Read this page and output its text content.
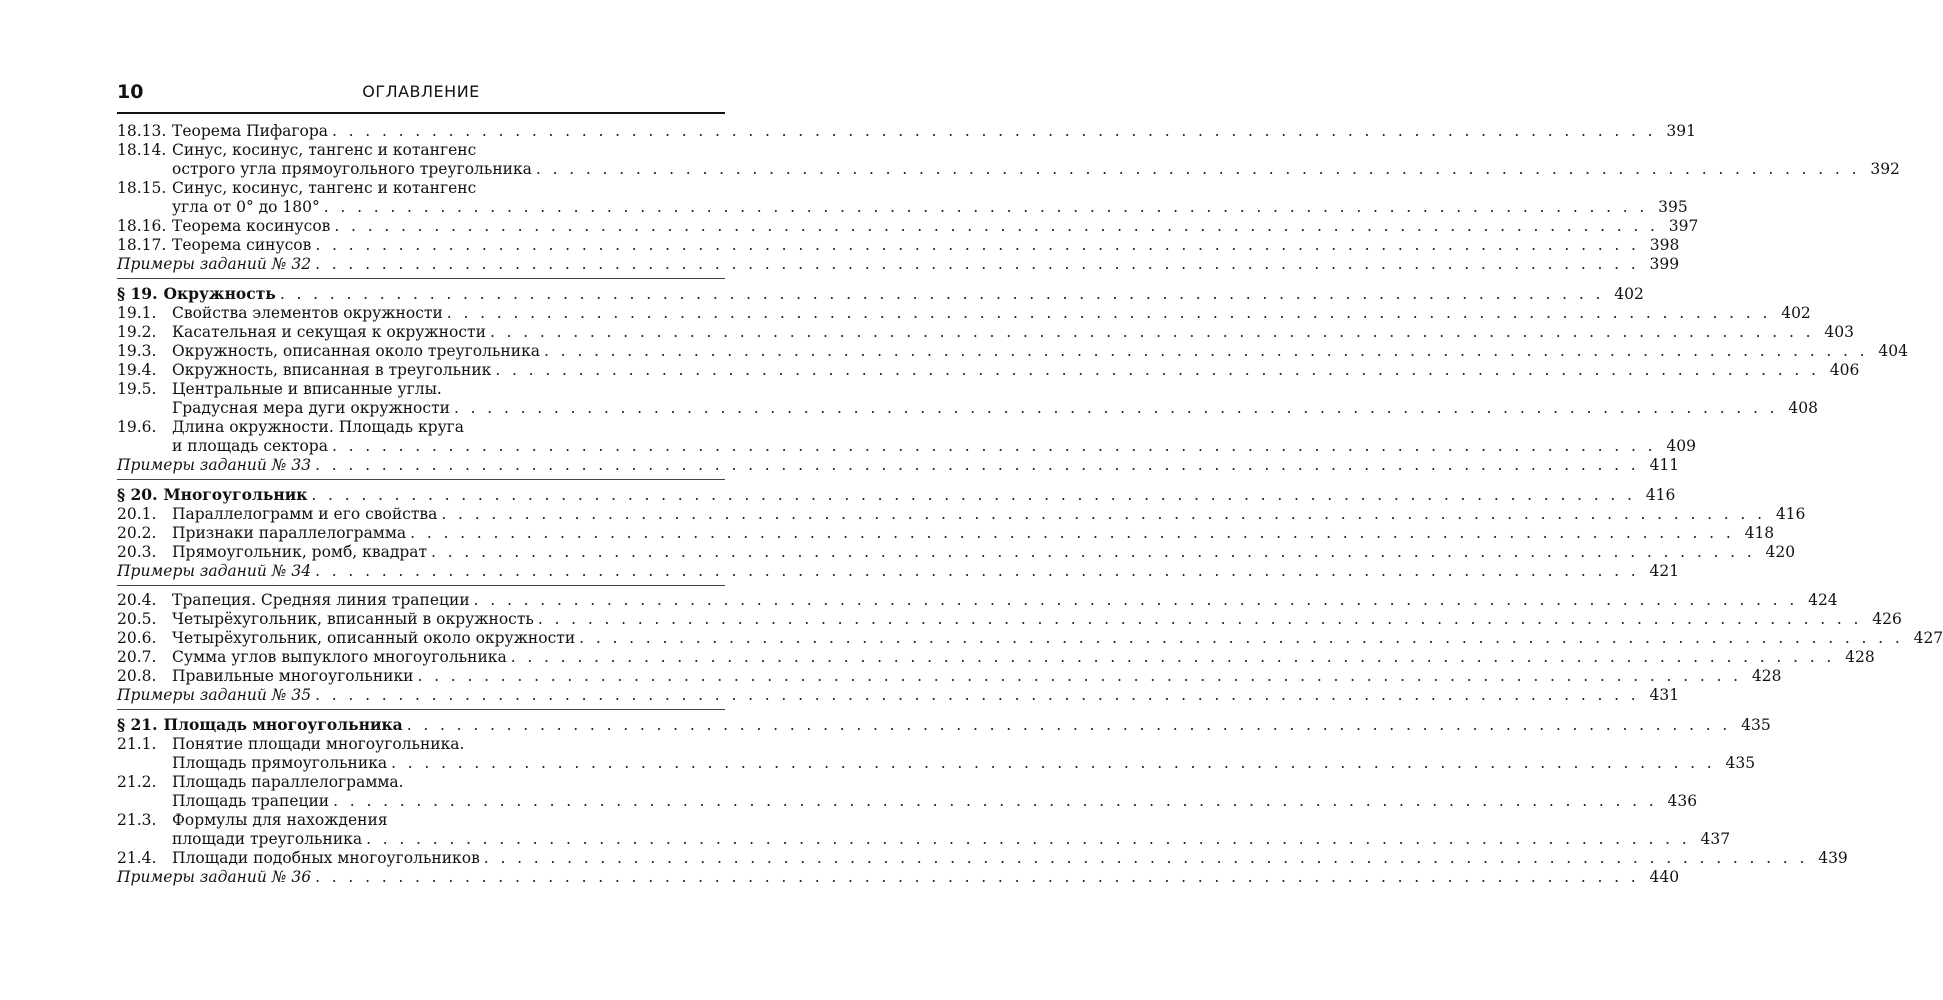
10	ОГЛАВЛЕНИЕ
18.13. Теорема Пифагора . . . . . . . . . . . . . . . . . . . . . . . . . . . . . . . . . . . . . . . . . . . . . . . . . . . . . . . . . . . . . . . . . . . . . . . . . . . . . . . . 391
18.14. Синус, косинус, тангенс и котангенс
острого угла прямоугольного треугольника . . . . . . . . . . . . . . . . . . . . . . . . . . . . . . . . . . . . . . . . . . . . . . . . . . . . . . . . . . . . . . . . . . . . . . . . . . . . . . . . 392
18.15. Синус, косинус, тангенс и котангенс
угла от 0° до 180° . . . . . . . . . . . . . . . . . . . . . . . . . . . . . . . . . . . . . . . . . . . . . . . . . . . . . . . . . . . . . . . . . . . . . . . . . . . . . . . . 395
18.16. Теорема косинусов . . . . . . . . . . . . . . . . . . . . . . . . . . . . . . . . . . . . . . . . . . . . . . . . . . . . . . . . . . . . . . . . . . . . . . . . . . . . . . . . 397
18.17. Теорема синусов . . . . . . . . . . . . . . . . . . . . . . . . . . . . . . . . . . . . . . . . . . . . . . . . . . . . . . . . . . . . . . . . . . . . . . . . . . . . . . . . 398
Примеры заданий № 32 . . . . . . . . . . . . . . . . . . . . . . . . . . . . . . . . . . . . . . . . . . . . . . . . . . . . . . . . . . . . . . . . . . . . . . . . . . . . . . . . 399
§ 19. Окружность . . . . . . . . . . . . . . . . . . . . . . . . . . . . . . . . . . . . . . . . . . . . . . . . . . . . . . . . . . . . . . . . . . . . . . . . . . . . . . . . 402
19.1.	Свойства элементов окружности . . . . . . . . . . . . . . . . . . . . . . . . . . . . . . . . . . . . . . . . . . . . . . . . . . . . . . . . . . . . . . . . . . . . . . . . . . . . . . . . 402
19.2.	Касательная и секущая к окружности . . . . . . . . . . . . . . . . . . . . . . . . . . . . . . . . . . . . . . . . . . . . . . . . . . . . . . . . . . . . . . . . . . . . . . . . . . . . . . . . 403
19.3.	Окружность, описанная около треугольника . . . . . . . . . . . . . . . . . . . . . . . . . . . . . . . . . . . . . . . . . . . . . . . . . . . . . . . . . . . . . . . . . . . . . . . . . . . . . . . . 404
19.4.	Окружность, вписанная в треугольник . . . . . . . . . . . . . . . . . . . . . . . . . . . . . . . . . . . . . . . . . . . . . . . . . . . . . . . . . . . . . . . . . . . . . . . . . . . . . . . . 406
19.5.	Центральные и вписанные углы.
Градусная мера дуги окружности . . . . . . . . . . . . . . . . . . . . . . . . . . . . . . . . . . . . . . . . . . . . . . . . . . . . . . . . . . . . . . . . . . . . . . . . . . . . . . . . 408
19.6.	Длина окружности. Площадь круга
и площадь сектора . . . . . . . . . . . . . . . . . . . . . . . . . . . . . . . . . . . . . . . . . . . . . . . . . . . . . . . . . . . . . . . . . . . . . . . . . . . . . . . . 409
Примеры заданий № 33 . . . . . . . . . . . . . . . . . . . . . . . . . . . . . . . . . . . . . . . . . . . . . . . . . . . . . . . . . . . . . . . . . . . . . . . . . . . . . . . . 411
§ 20. Многоугольник . . . . . . . . . . . . . . . . . . . . . . . . . . . . . . . . . . . . . . . . . . . . . . . . . . . . . . . . . . . . . . . . . . . . . . . . . . . . . . . . 416
20.1.	Параллелограмм и его свойства . . . . . . . . . . . . . . . . . . . . . . . . . . . . . . . . . . . . . . . . . . . . . . . . . . . . . . . . . . . . . . . . . . . . . . . . . . . . . . . . 416
20.2.	Признаки параллелограмма . . . . . . . . . . . . . . . . . . . . . . . . . . . . . . . . . . . . . . . . . . . . . . . . . . . . . . . . . . . . . . . . . . . . . . . . . . . . . . . . 418
20.3.	Прямоугольник, ромб, квадрат . . . . . . . . . . . . . . . . . . . . . . . . . . . . . . . . . . . . . . . . . . . . . . . . . . . . . . . . . . . . . . . . . . . . . . . . . . . . . . . . 420
Примеры заданий № 34 . . . . . . . . . . . . . . . . . . . . . . . . . . . . . . . . . . . . . . . . . . . . . . . . . . . . . . . . . . . . . . . . . . . . . . . . . . . . . . . . 421
20.4.	Трапеция. Средняя линия трапеции . . . . . . . . . . . . . . . . . . . . . . . . . . . . . . . . . . . . . . . . . . . . . . . . . . . . . . . . . . . . . . . . . . . . . . . . . . . . . . . . 424
20.5.	Четырёхугольник, вписанный в окружность . . . . . . . . . . . . . . . . . . . . . . . . . . . . . . . . . . . . . . . . . . . . . . . . . . . . . . . . . . . . . . . . . . . . . . . . . . . . . . . . 426
20.6.	Четырёхугольник, описанный около окружности . . . . . . . . . . . . . . . . . . . . . . . . . . . . . . . . . . . . . . . . . . . . . . . . . . . . . . . . . . . . . . . . . . . . . . . . . . . . . . . . 427
20.7.	Сумма углов выпуклого многоугольника . . . . . . . . . . . . . . . . . . . . . . . . . . . . . . . . . . . . . . . . . . . . . . . . . . . . . . . . . . . . . . . . . . . . . . . . . . . . . . . . 428
20.8.	Правильные многоугольники . . . . . . . . . . . . . . . . . . . . . . . . . . . . . . . . . . . . . . . . . . . . . . . . . . . . . . . . . . . . . . . . . . . . . . . . . . . . . . . . 428
Примеры заданий № 35 . . . . . . . . . . . . . . . . . . . . . . . . . . . . . . . . . . . . . . . . . . . . . . . . . . . . . . . . . . . . . . . . . . . . . . . . . . . . . . . . 431
§ 21. Площадь многоугольника . . . . . . . . . . . . . . . . . . . . . . . . . . . . . . . . . . . . . . . . . . . . . . . . . . . . . . . . . . . . . . . . . . . . . . . . . . . . . . . . 435
21.1.	Понятие площади многоугольника.
Площадь прямоугольника . . . . . . . . . . . . . . . . . . . . . . . . . . . . . . . . . . . . . . . . . . . . . . . . . . . . . . . . . . . . . . . . . . . . . . . . . . . . . . . . 435
21.2.	Площадь параллелограмма.
Площадь трапеции . . . . . . . . . . . . . . . . . . . . . . . . . . . . . . . . . . . . . . . . . . . . . . . . . . . . . . . . . . . . . . . . . . . . . . . . . . . . . . . . 436
21.3.	Формулы для нахождения
площади треугольника . . . . . . . . . . . . . . . . . . . . . . . . . . . . . . . . . . . . . . . . . . . . . . . . . . . . . . . . . . . . . . . . . . . . . . . . . . . . . . . . 437
21.4.	Площади подобных многоугольников . . . . . . . . . . . . . . . . . . . . . . . . . . . . . . . . . . . . . . . . . . . . . . . . . . . . . . . . . . . . . . . . . . . . . . . . . . . . . . . . 439
Примеры заданий № 36 . . . . . . . . . . . . . . . . . . . . . . . . . . . . . . . . . . . . . . . . . . . . . . . . . . . . . . . . . . . . . . . . . . . . . . . . . . . . . . . . 440
